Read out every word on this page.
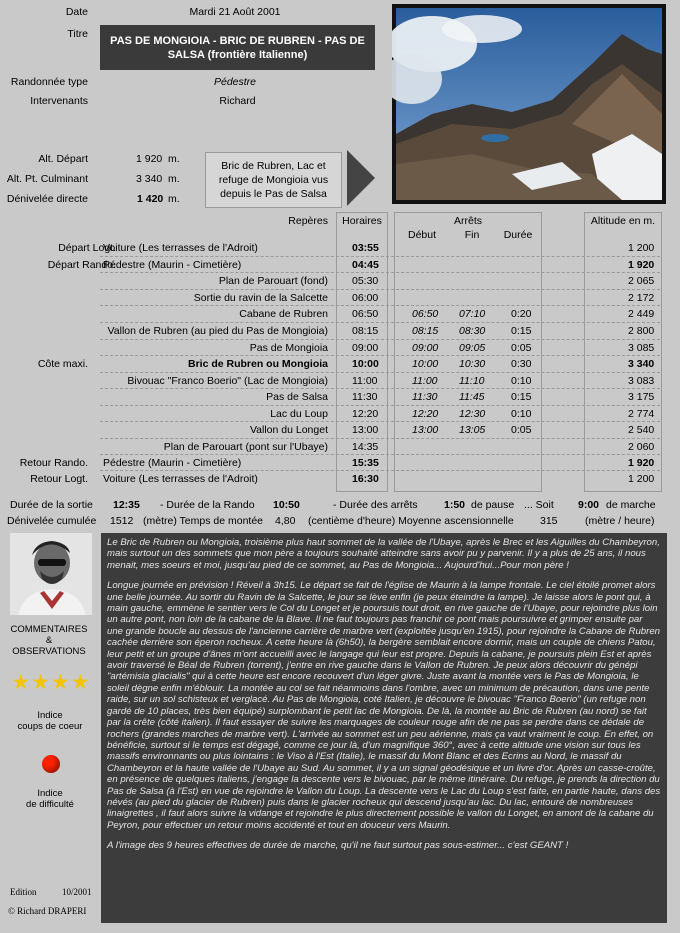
Date	Mardi 21 Août 2001
Titre
PAS DE MONGIOIA - BRIC DE RUBREN - PAS DE SALSA (frontière Italienne)
Randonnée type	Pédestre
Intervenants	Richard
Alt. Départ	1 920 m.
Alt. Pt. Culminant	3 340 m.
Dénivelée directe	1 420 m.
Bric de Rubren, Lac et refuge de Mongioia vus depuis le Pas de Salsa
Repères	Horaires	Arrêts
Début	Fin	Durée
Altitude en m.
Départ Logt.
Voiture (Les terrasses de l'Adroit)	03:55	1 200
Départ Rando.
Pédestre (Maurin - Cimetière)	04:45	1 920
Plan de Parouart (fond) 05:30	2 065
Sortie du ravin de la Salcette 06:00	2 172
Cabane de Rubren 06:50	06:50 07:10 0:20	2 449
Vallon de Rubren (au pied du Pas de Mongioia) 08:15	08:15 08:30 0:15	2 800
Pas de Mongioia 09:00	09:00 09:05 0:05	3 085
Côte maxi.	Bric de Rubren ou Mongioia 10:00	10:00 10:30 0:30	3 340
Bivouac "Franco Boerio" (Lac de Mongioia) 11:00	11:00 11:10	0:10	3 083
Pas de Salsa 11:30	11:30 11:45	0:15	3 175
Lac du Loup 12:20	12:20 12:30 0:10	2 774
Vallon du Longet 13:00	13:00 13:05 0:05	2 540
Plan de Parouart (pont sur l'Ubaye) 14:35	2 060
Retour Rando. Pédestre (Maurin - Cimetière)	15:35	1 920
Retour Logt. Voiture (Les terrasses de l'Adroit)	16:30	1 200
Durée de la sortie 12:35 - Durée de la Rando 10:50	- Durée des arrêts	1:50 de pause ... Soit 9:00 de marche
Dénivelée cumulée 1512 (mètre) Temps de montée 4,80 (centième d'heure) Moyenne ascensionnelle	315	(mètre / heure)
COMMENTAIRES
&
OBSERVATIONS
★★★★
Indice
coups de coeur
Indice
de difficulté
Edition	10/2001
© Richard DRAPERI

Le Bric de Rubren ou Mongioia, troisième plus haut sommet de la vallée de l'Ubaye, après le Brec et les Aiguilles du Chambeyron, mais surtout un des sommets que mon père a toujours souhaité atteindre sans avoir pu y parvenir. Il y a plus de 25 ans, il nous menait, mes soeurs et moi, jusqu'au pied de ce sommet, au Pas de Mongioia... Aujourd'hui...Pour mon père !

Longue journée en prévision ! Réveil à 3h15. Le départ se fait de l'église de Maurin à la lampe frontale. Le ciel étoilé promet alors une belle journée. Au sortir du Ravin de la Salcette, le jour se lève enfin (je peux éteindre la lampe). Je laisse alors le pont qui, à main gauche, emmène le sentier vers le Col du Longet et je poursuis tout droit, en rive gauche de l'Ubaye, pour rejoindre plus loin un autre pont, non loin de la cabane de la Blave. Il ne faut toujours pas franchir ce pont mais poursuivre et grimper ensuite par une grande boucle au dessus de l'ancienne carrière de marbre vert (exploitée jusqu'en 1915), pour rejoindre la Cabane de Rubren cachée derrière son éperon rocheux. A cette heure là (6h50), la bergère semblait encore dormir, mais un couple de chiens Patou, leur petit et un groupe d'ânes m'ont accueilli avec le langage qui leur est propre. Depuis la cabane, je poursuis plein Est et après avoir traversé le Béal de Rubren (torrent), j'entre en rive gauche dans le Vallon de Rubren. Je peux alors découvrir du génépi "artémisia glacialis" qui à cette heure est encore recouvert d'un léger givre. Juste avant la montée vers le Pas de Mongioia, le soleil dègne enfin m'éblouir. La montée au col se fait néanmoins dans l'ombre, avec un minimum de précaution, dans une pente raide, sur un sol schisteux et verglacé. Au Pas de Mongioia, coté Italien, je découvre le bivouac "Franco Boerio" (un refuge non gardé de 10 places, très bien équipé) surplombant le petit lac de Mongioia. De là, la montée au Bric de Rubren (au nord) se fait par la crête (côté italien). Il faut essayer de suivre les marquages de couleur rouge afin de ne pas se perdre dans ce dédale de rochers (grandes marches de marbre vert). L'arrivée au sommet est un peu aérienne, mais ça vaut vraiment le coup. En effet, on bénéficie, surtout si le temps est dégagé, comme ce jour là, d'un magnifique 360°, avec à cette altitude une vision sur tous les massifs environnants ou plus lointains : le Viso à l'Est (Italie), le massif du Mont Blanc et des Ecrins au Nord, le massif du Chambeyron et la haute vallée de l'Ubaye au Sud. Au sommet, il y a un signal géodésique et un livre d'or. Après un casse-croûte, en présence de quelques italiens, j'engage la descente vers le bivouac, par le même itinéraire. Du refuge, je prends la direction du Pas de Salsa (à l'Est) en vue de rejoindre le Vallon du Loup. La descente vers le Lac du Loup s'est faite, en partie haute, dans des névés (au pied du glacier de Rubren) puis dans le glacier rocheux qui descend jusqu'au lac. Du lac, entouré de nombreuses linaigrettes , il faut alors suivre la vidange et rejoindre le plus directement possible le vallon du Longet, en amont de la cabane du Peyron, pour effectuer un retour moins accidenté et tout en douceur vers Maurin.

A l'image des 9 heures effectives de durée de marche, qu'il ne faut surtout pas sous-estimer... c'est GEANT !
